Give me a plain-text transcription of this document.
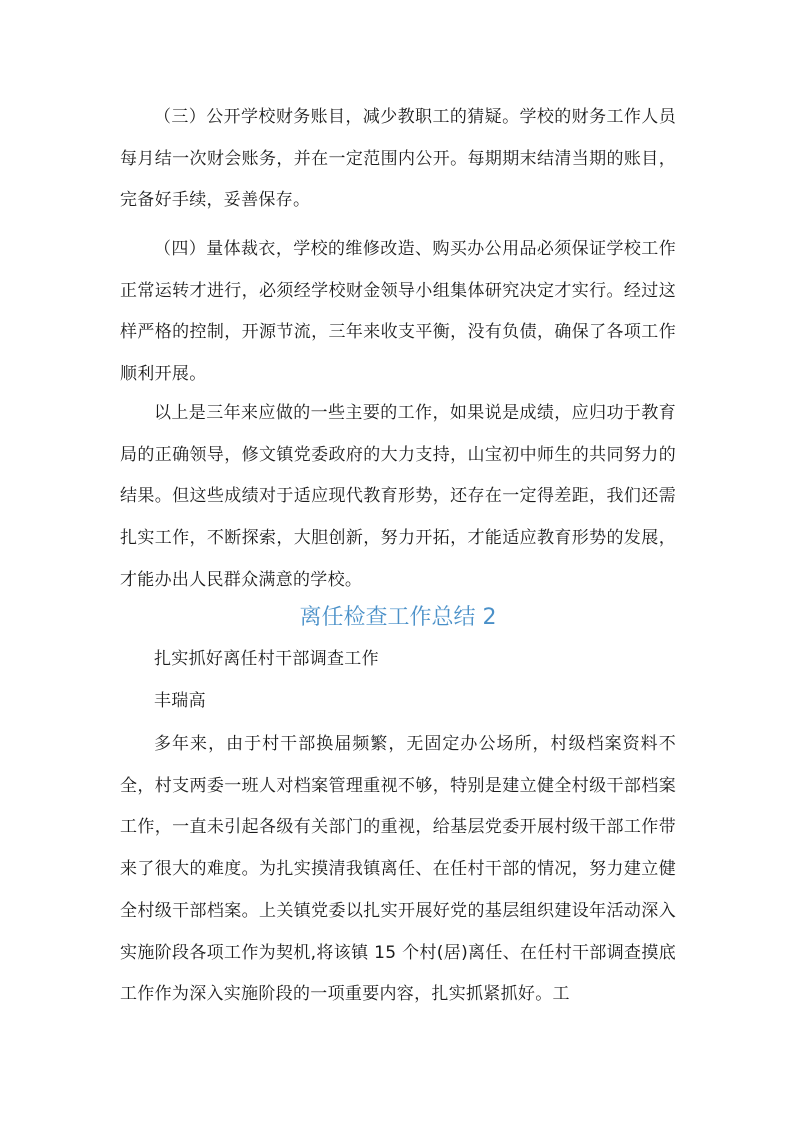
（三）公开学校财务账目，减少教职工的猜疑。学校的财务工作人员每月结一次财会账务，并在一定范围内公开。每期期末结清当期的账目，完备好手续，妥善保存。

（四）量体裁衣，学校的维修改造、购买办公用品必须保证学校工作正常运转才进行，必须经学校财金领导小组集体研究决定才实行。经过这样严格的控制，开源节流，三年来收支平衡，没有负债，确保了各项工作顺利开展。

以上是三年来应做的一些主要的工作，如果说是成绩，应归功于教育局的正确领导，修文镇党委政府的大力支持，山宝初中师生的共同努力的结果。但这些成绩对于适应现代教育形势，还存在一定得差距，我们还需扎实工作，不断探索，大胆创新，努力开拓，才能适应教育形势的发展，才能办出人民群众满意的学校。

离任检查工作总结 2

扎实抓好离任村干部调查工作

丰瑞高

多年来，由于村干部换届频繁，无固定办公场所，村级档案资料不全，村支两委一班人对档案管理重视不够，特别是建立健全村级干部档案工作，一直未引起各级有关部门的重视，给基层党委开展村级干部工作带来了很大的难度。为扎实摸清我镇离任、在任村干部的情况，努力建立健全村级干部档案。上关镇党委以扎实开展好党的基层组织建设年活动深入实施阶段各项工作为契机,将该镇 15 个村(居)离任、在任村干部调查摸底工作作为深入实施阶段的一项重要内容，扎实抓紧抓好。工
